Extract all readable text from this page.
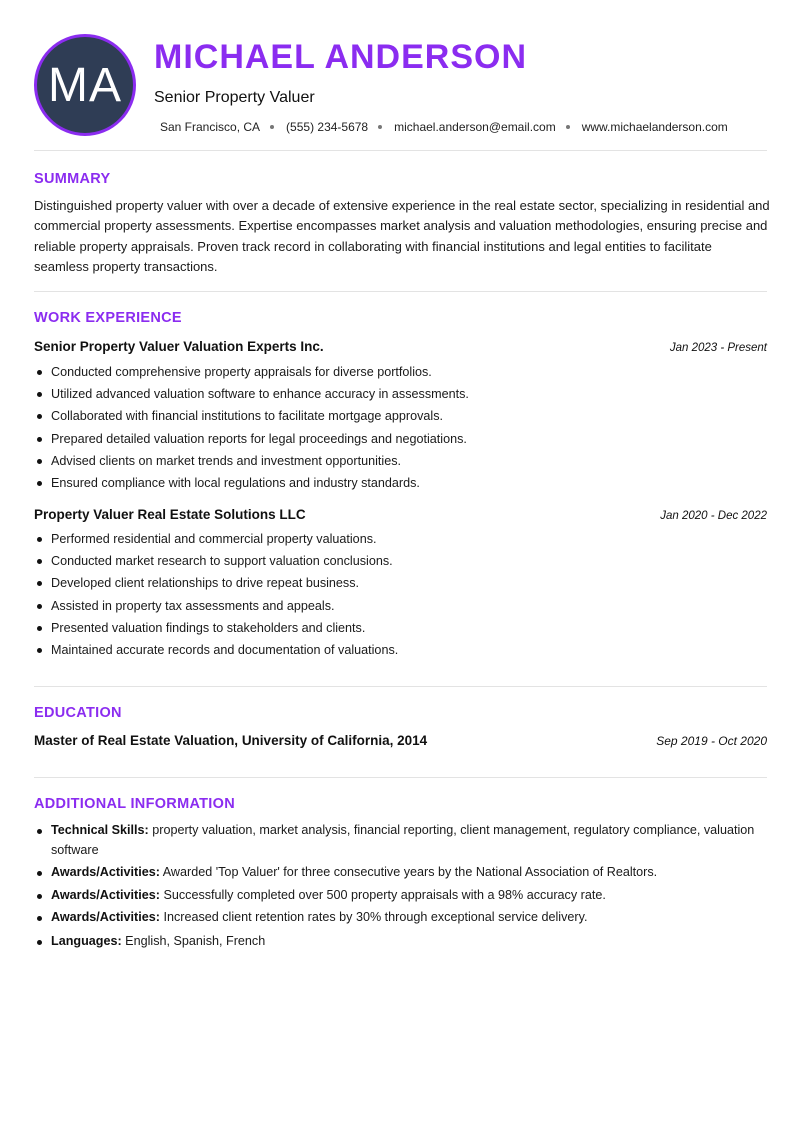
MA
MICHAEL ANDERSON
Senior Property Valuer
San Francisco, CA (555) 234-5678 michael.anderson@email.com www.michaelanderson.com
SUMMARY
Distinguished property valuer with over a decade of extensive experience in the real estate sector, specializing in residential and commercial property assessments. Expertise encompasses market analysis and valuation methodologies, ensuring precise and reliable property appraisals. Proven track record in collaborating with financial institutions and legal entities to facilitate seamless property transactions.
WORK EXPERIENCE
Senior Property Valuer Valuation Experts Inc.	Jan 2023 - Present
Conducted comprehensive property appraisals for diverse portfolios.
Utilized advanced valuation software to enhance accuracy in assessments.
Collaborated with financial institutions to facilitate mortgage approvals.
Prepared detailed valuation reports for legal proceedings and negotiations.
Advised clients on market trends and investment opportunities.
Ensured compliance with local regulations and industry standards.
Property Valuer Real Estate Solutions LLC	Jan 2020 - Dec 2022
Performed residential and commercial property valuations.
Conducted market research to support valuation conclusions.
Developed client relationships to drive repeat business.
Assisted in property tax assessments and appeals.
Presented valuation findings to stakeholders and clients.
Maintained accurate records and documentation of valuations.
EDUCATION
Master of Real Estate Valuation, University of California, 2014	Sep 2019 - Oct 2020
ADDITIONAL INFORMATION
Technical Skills: property valuation, market analysis, financial reporting, client management, regulatory compliance, valuation software
Awards/Activities: Awarded 'Top Valuer' for three consecutive years by the National Association of Realtors.
Awards/Activities: Successfully completed over 500 property appraisals with a 98% accuracy rate.
Awards/Activities: Increased client retention rates by 30% through exceptional service delivery.
Languages: English, Spanish, French
